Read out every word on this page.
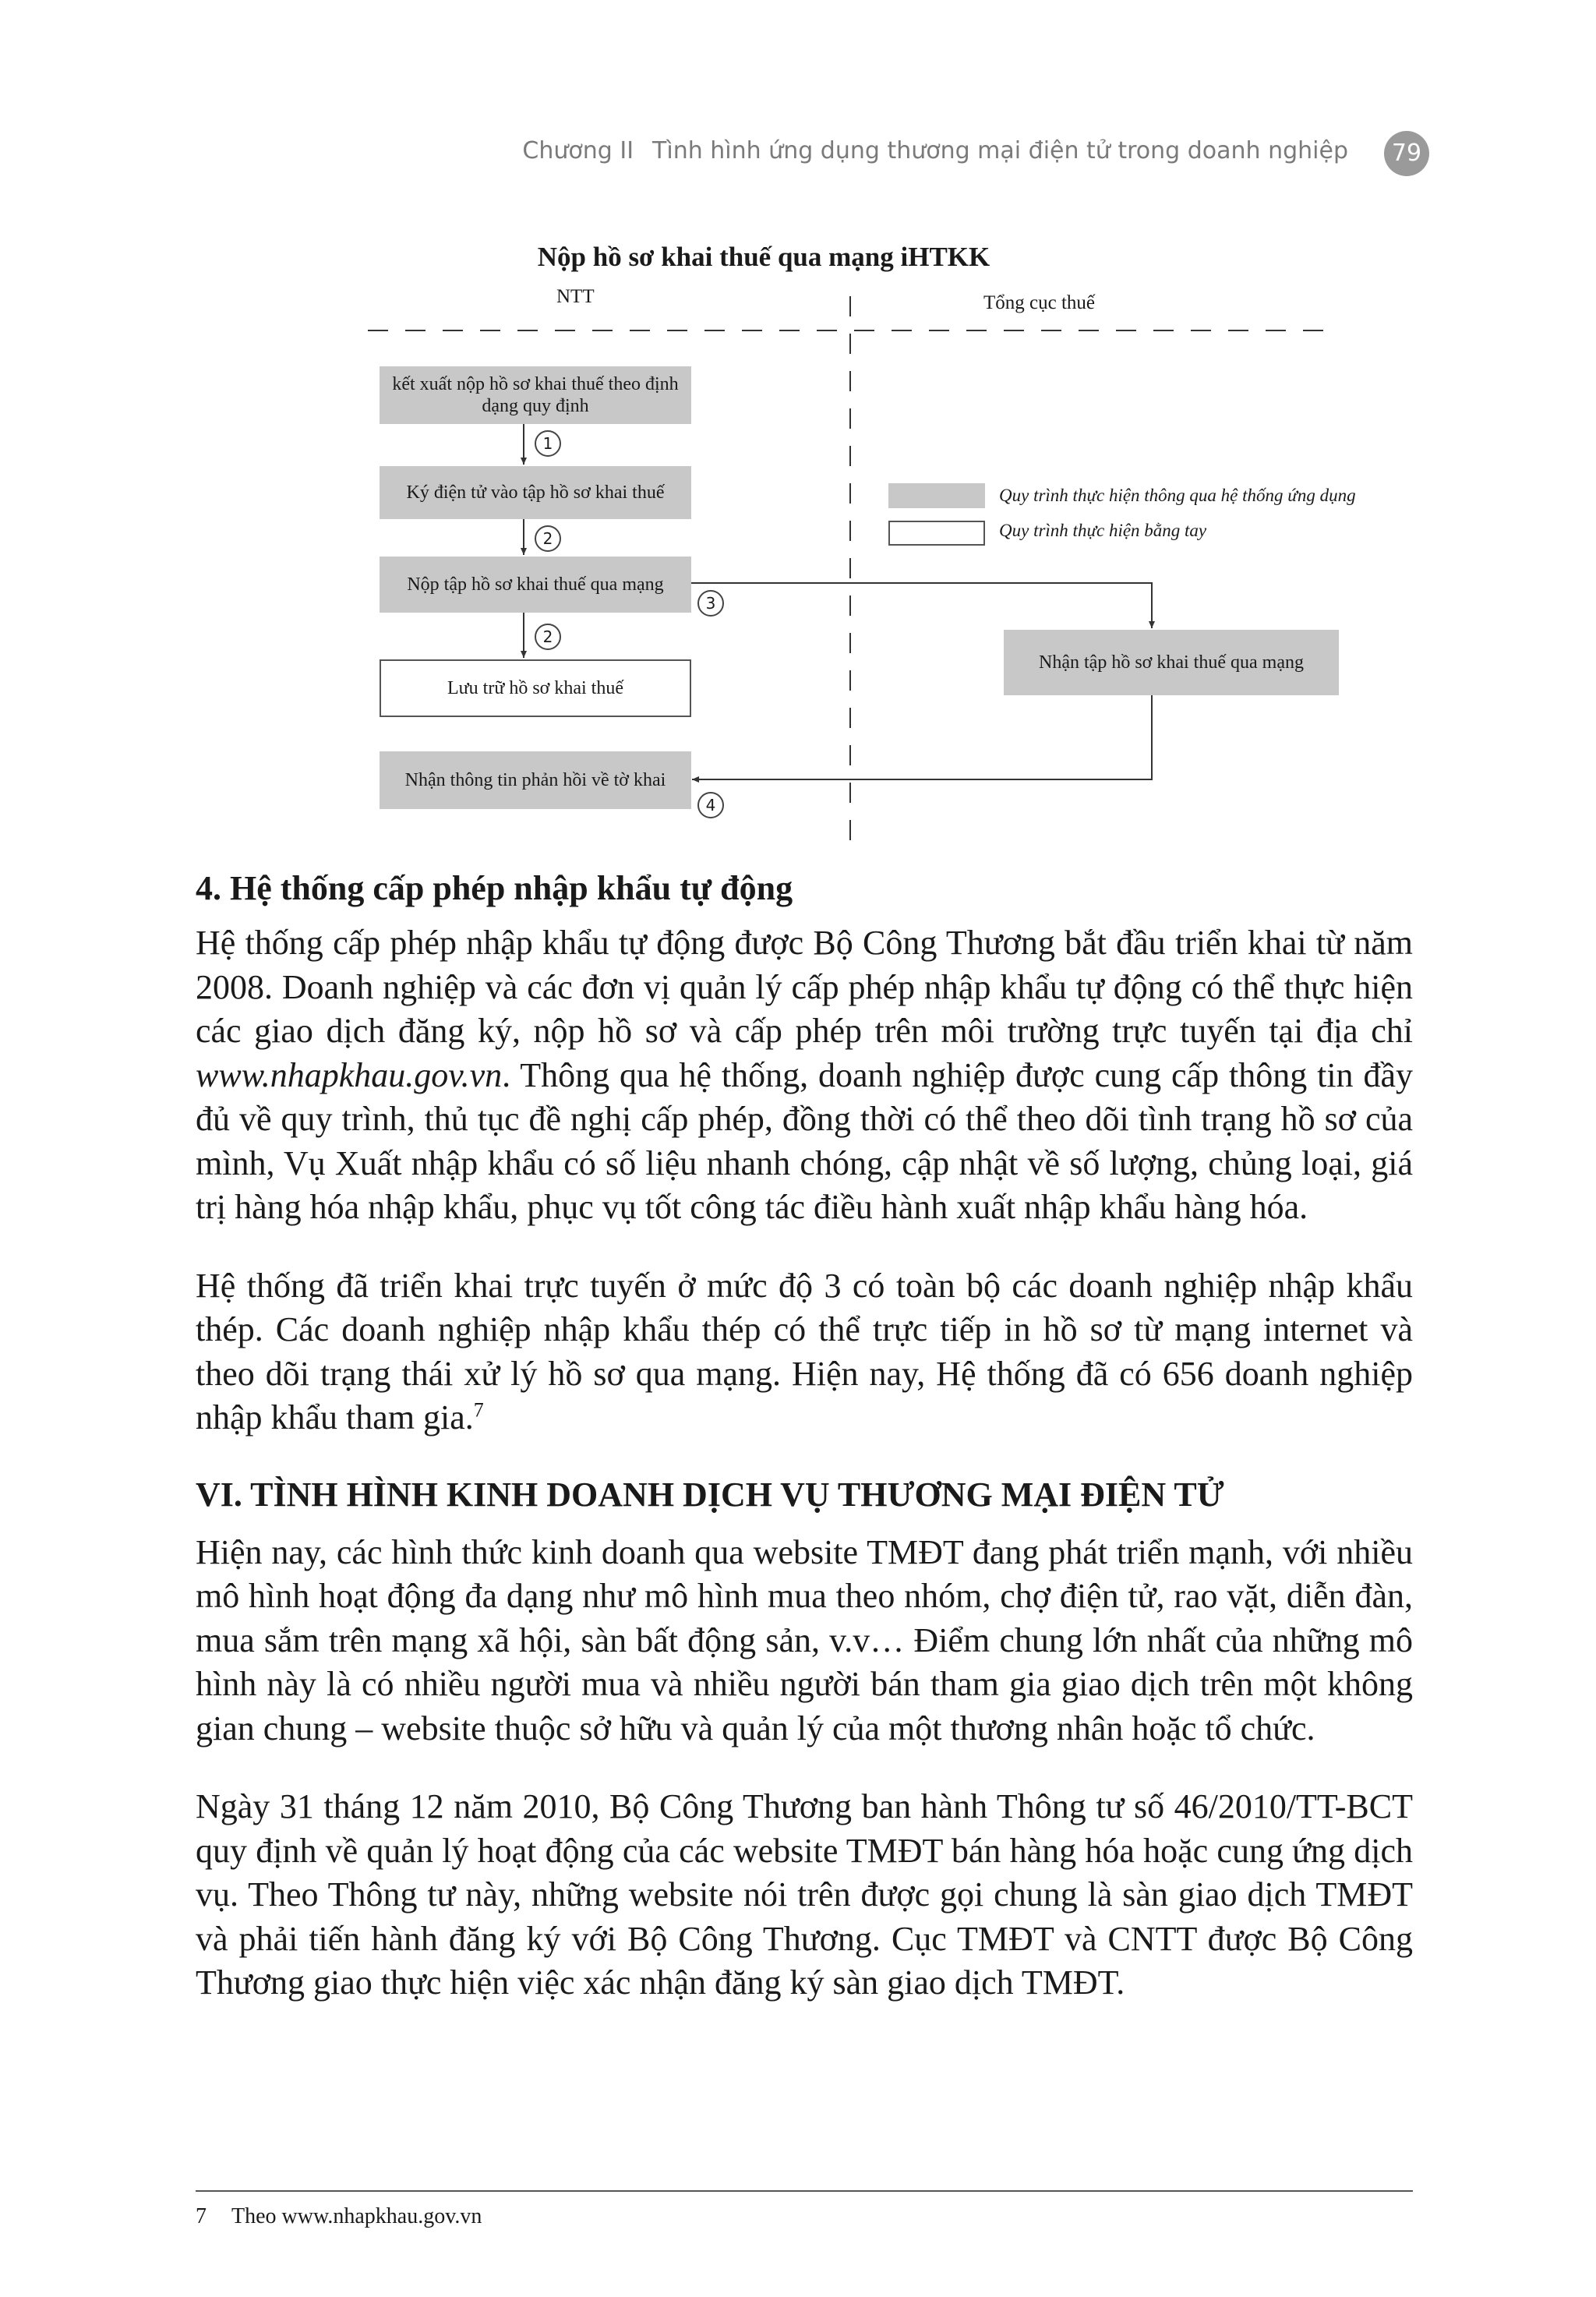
Chương II Tình hình ứng dụng thương mại điện tử trong doanh nghiệp	79
Nộp hồ sơ khai thuế qua mạng iHTKK
NTT	Tổng cục thuế
kết xuất nộp hồ sơ khai thuế theo định dạng quy định
1
Ký điện tử vào tập hồ sơ khai thuế
2
Nộp tập hồ sơ khai thuế qua mạng
3
2
Lưu trữ hồ sơ khai thuế
Nhận thông tin phản hồi về tờ khai
4
Nhận tập hồ sơ khai thuế qua mạng
Quy trình thực hiện thông qua hệ thống ứng dụng
Quy trình thực hiện bằng tay
4. Hệ thống cấp phép nhập khẩu tự động

Hệ thống cấp phép nhập khẩu tự động được Bộ Công Thương bắt đầu triển khai từ năm 2008. Doanh nghiệp và các đơn vị quản lý cấp phép nhập khẩu tự động có thể thực hiện các giao dịch đăng ký, nộp hồ sơ và cấp phép trên môi trường trực tuyến tại địa chỉ www.nhapkhau.gov.vn. Thông qua hệ thống, doanh nghiệp được cung cấp thông tin đầy đủ về quy trình, thủ tục đề nghị cấp phép, đồng thời có thể theo dõi tình trạng hồ sơ của mình, Vụ Xuất nhập khẩu có số liệu nhanh chóng, cập nhật về số lượng, chủng loại, giá trị hàng hóa nhập khẩu, phục vụ tốt công tác điều hành xuất nhập khẩu hàng hóa.

Hệ thống đã triển khai trực tuyến ở mức độ 3 có toàn bộ các doanh nghiệp nhập khẩu thép. Các doanh nghiệp nhập khẩu thép có thể trực tiếp in hồ sơ từ mạng internet và theo dõi trạng thái xử lý hồ sơ qua mạng. Hiện nay, Hệ thống đã có 656 doanh nghiệp nhập khẩu tham gia.$^7$

VI. TÌNH HÌNH KINH DOANH DỊCH VỤ THƯƠNG MẠI ĐIỆN TỬ

Hiện nay, các hình thức kinh doanh qua website TMĐT đang phát triển mạnh, với nhiều mô hình hoạt động đa dạng như mô hình mua theo nhóm, chợ điện tử, rao vặt, diễn đàn, mua sắm trên mạng xã hội, sàn bất động sản, v.v… Điểm chung lớn nhất của những mô hình này là có nhiều người mua và nhiều người bán tham gia giao dịch trên một không gian chung – website thuộc sở hữu và quản lý của một thương nhân hoặc tổ chức.

Ngày 31 tháng 12 năm 2010, Bộ Công Thương ban hành Thông tư số 46/2010/TT-BCT quy định về quản lý hoạt động của các website TMĐT bán hàng hóa hoặc cung ứng dịch vụ. Theo Thông tư này, những website nói trên được gọi chung là sàn giao dịch TMĐT và phải tiến hành đăng ký với Bộ Công Thương. Cục TMĐT và CNTT được Bộ Công Thương giao thực hiện việc xác nhận đăng ký sàn giao dịch TMĐT.

7 Theo www.nhapkhau.gov.vn
